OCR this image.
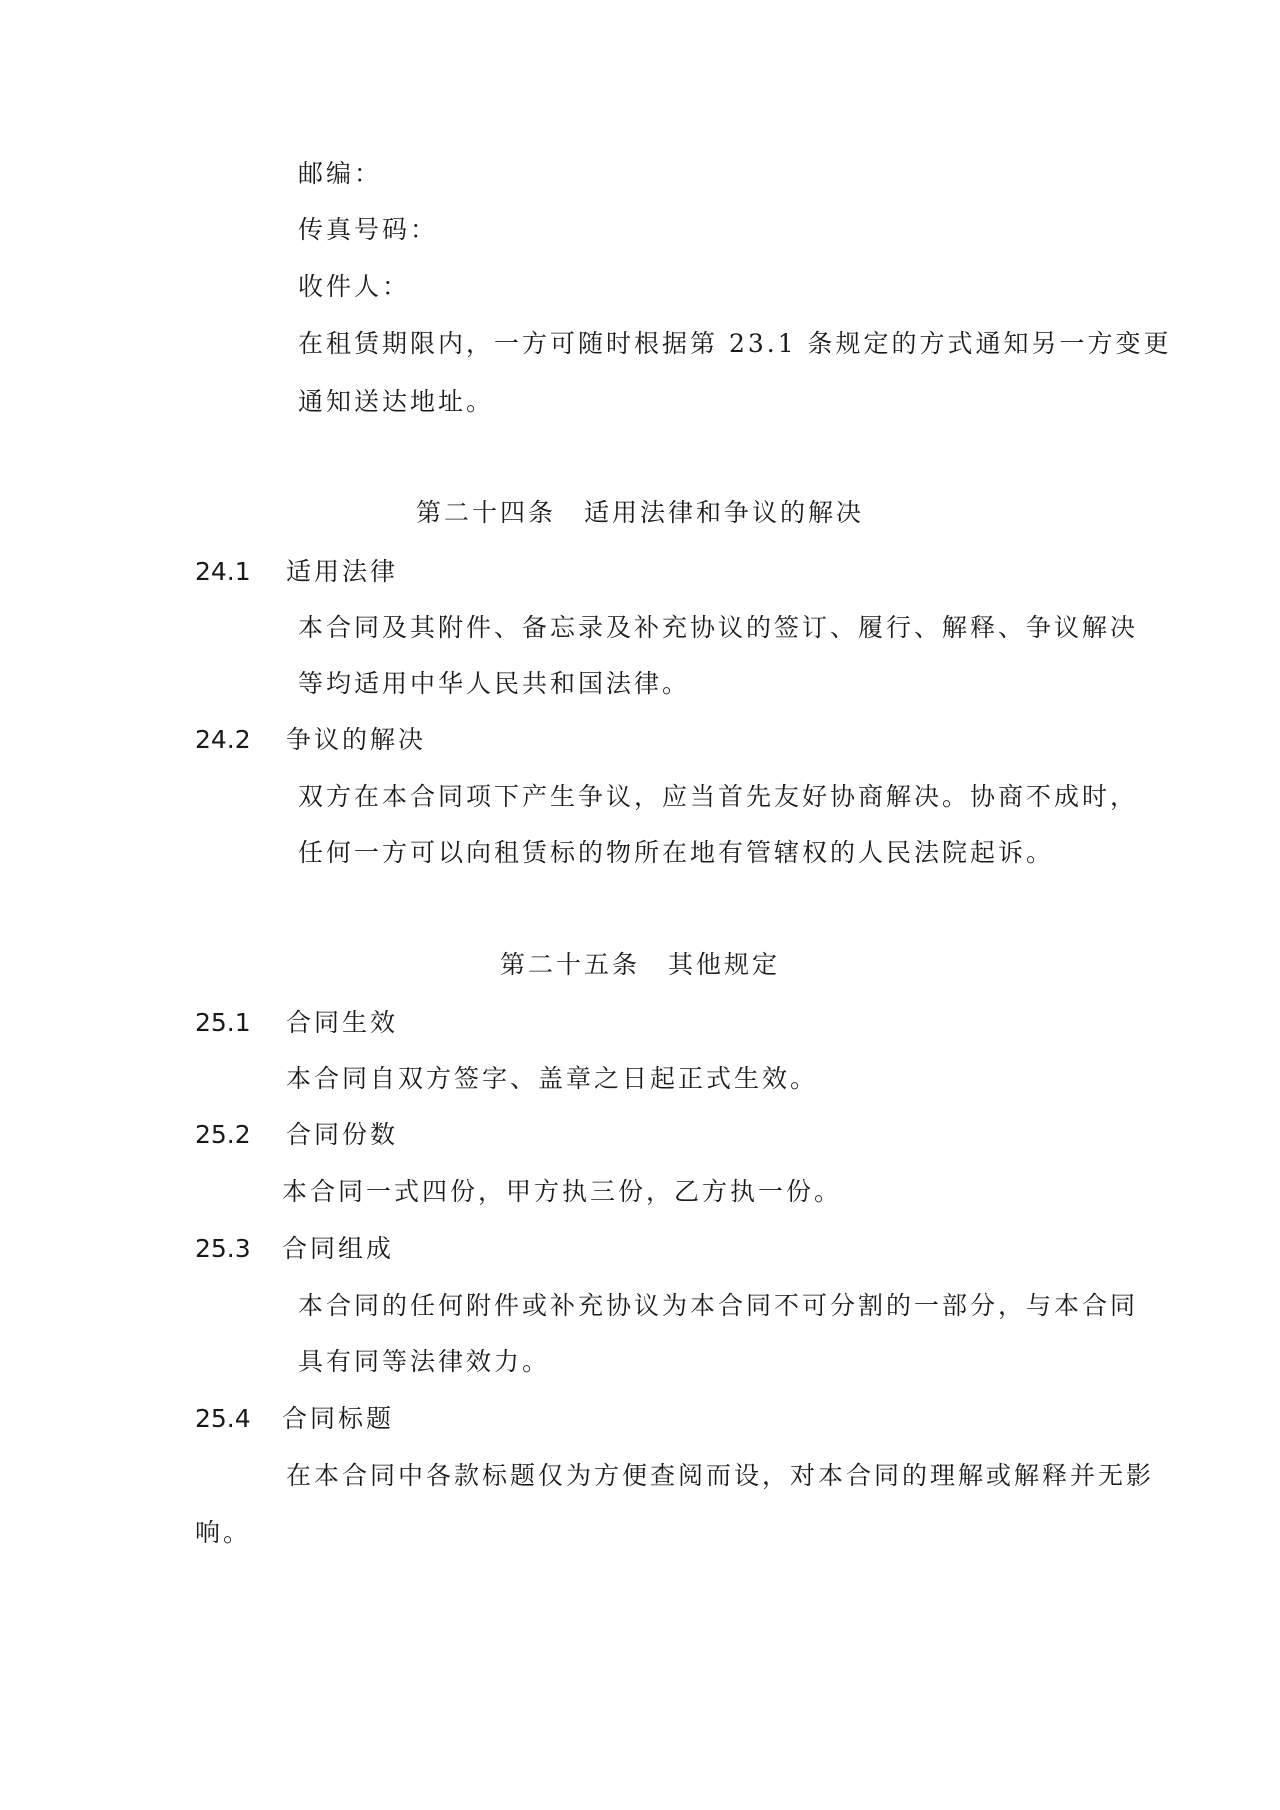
邮编：
传真号码：
收件人：
在租赁期限内，一方可随时根据第 23.1 条规定的方式通知另一方变更
通知送达地址。
第二十四条　适用法律和争议的解决
24.1 适用法律
本合同及其附件、备忘录及补充协议的签订、履行、解释、争议解决
等均适用中华人民共和国法律。
24.2 争议的解决
双方在本合同项下产生争议，应当首先友好协商解决。协商不成时，
任何一方可以向租赁标的物所在地有管辖权的人民法院起诉。
第二十五条　其他规定
25.1 合同生效
本合同自双方签字、盖章之日起正式生效。
25.2 合同份数
本合同一式四份，甲方执三份，乙方执一份。
25.3 合同组成
本合同的任何附件或补充协议为本合同不可分割的一部分，与本合同
具有同等法律效力。
25.4 合同标题
在本合同中各款标题仅为方便查阅而设，对本合同的理解或解释并无影
响。
